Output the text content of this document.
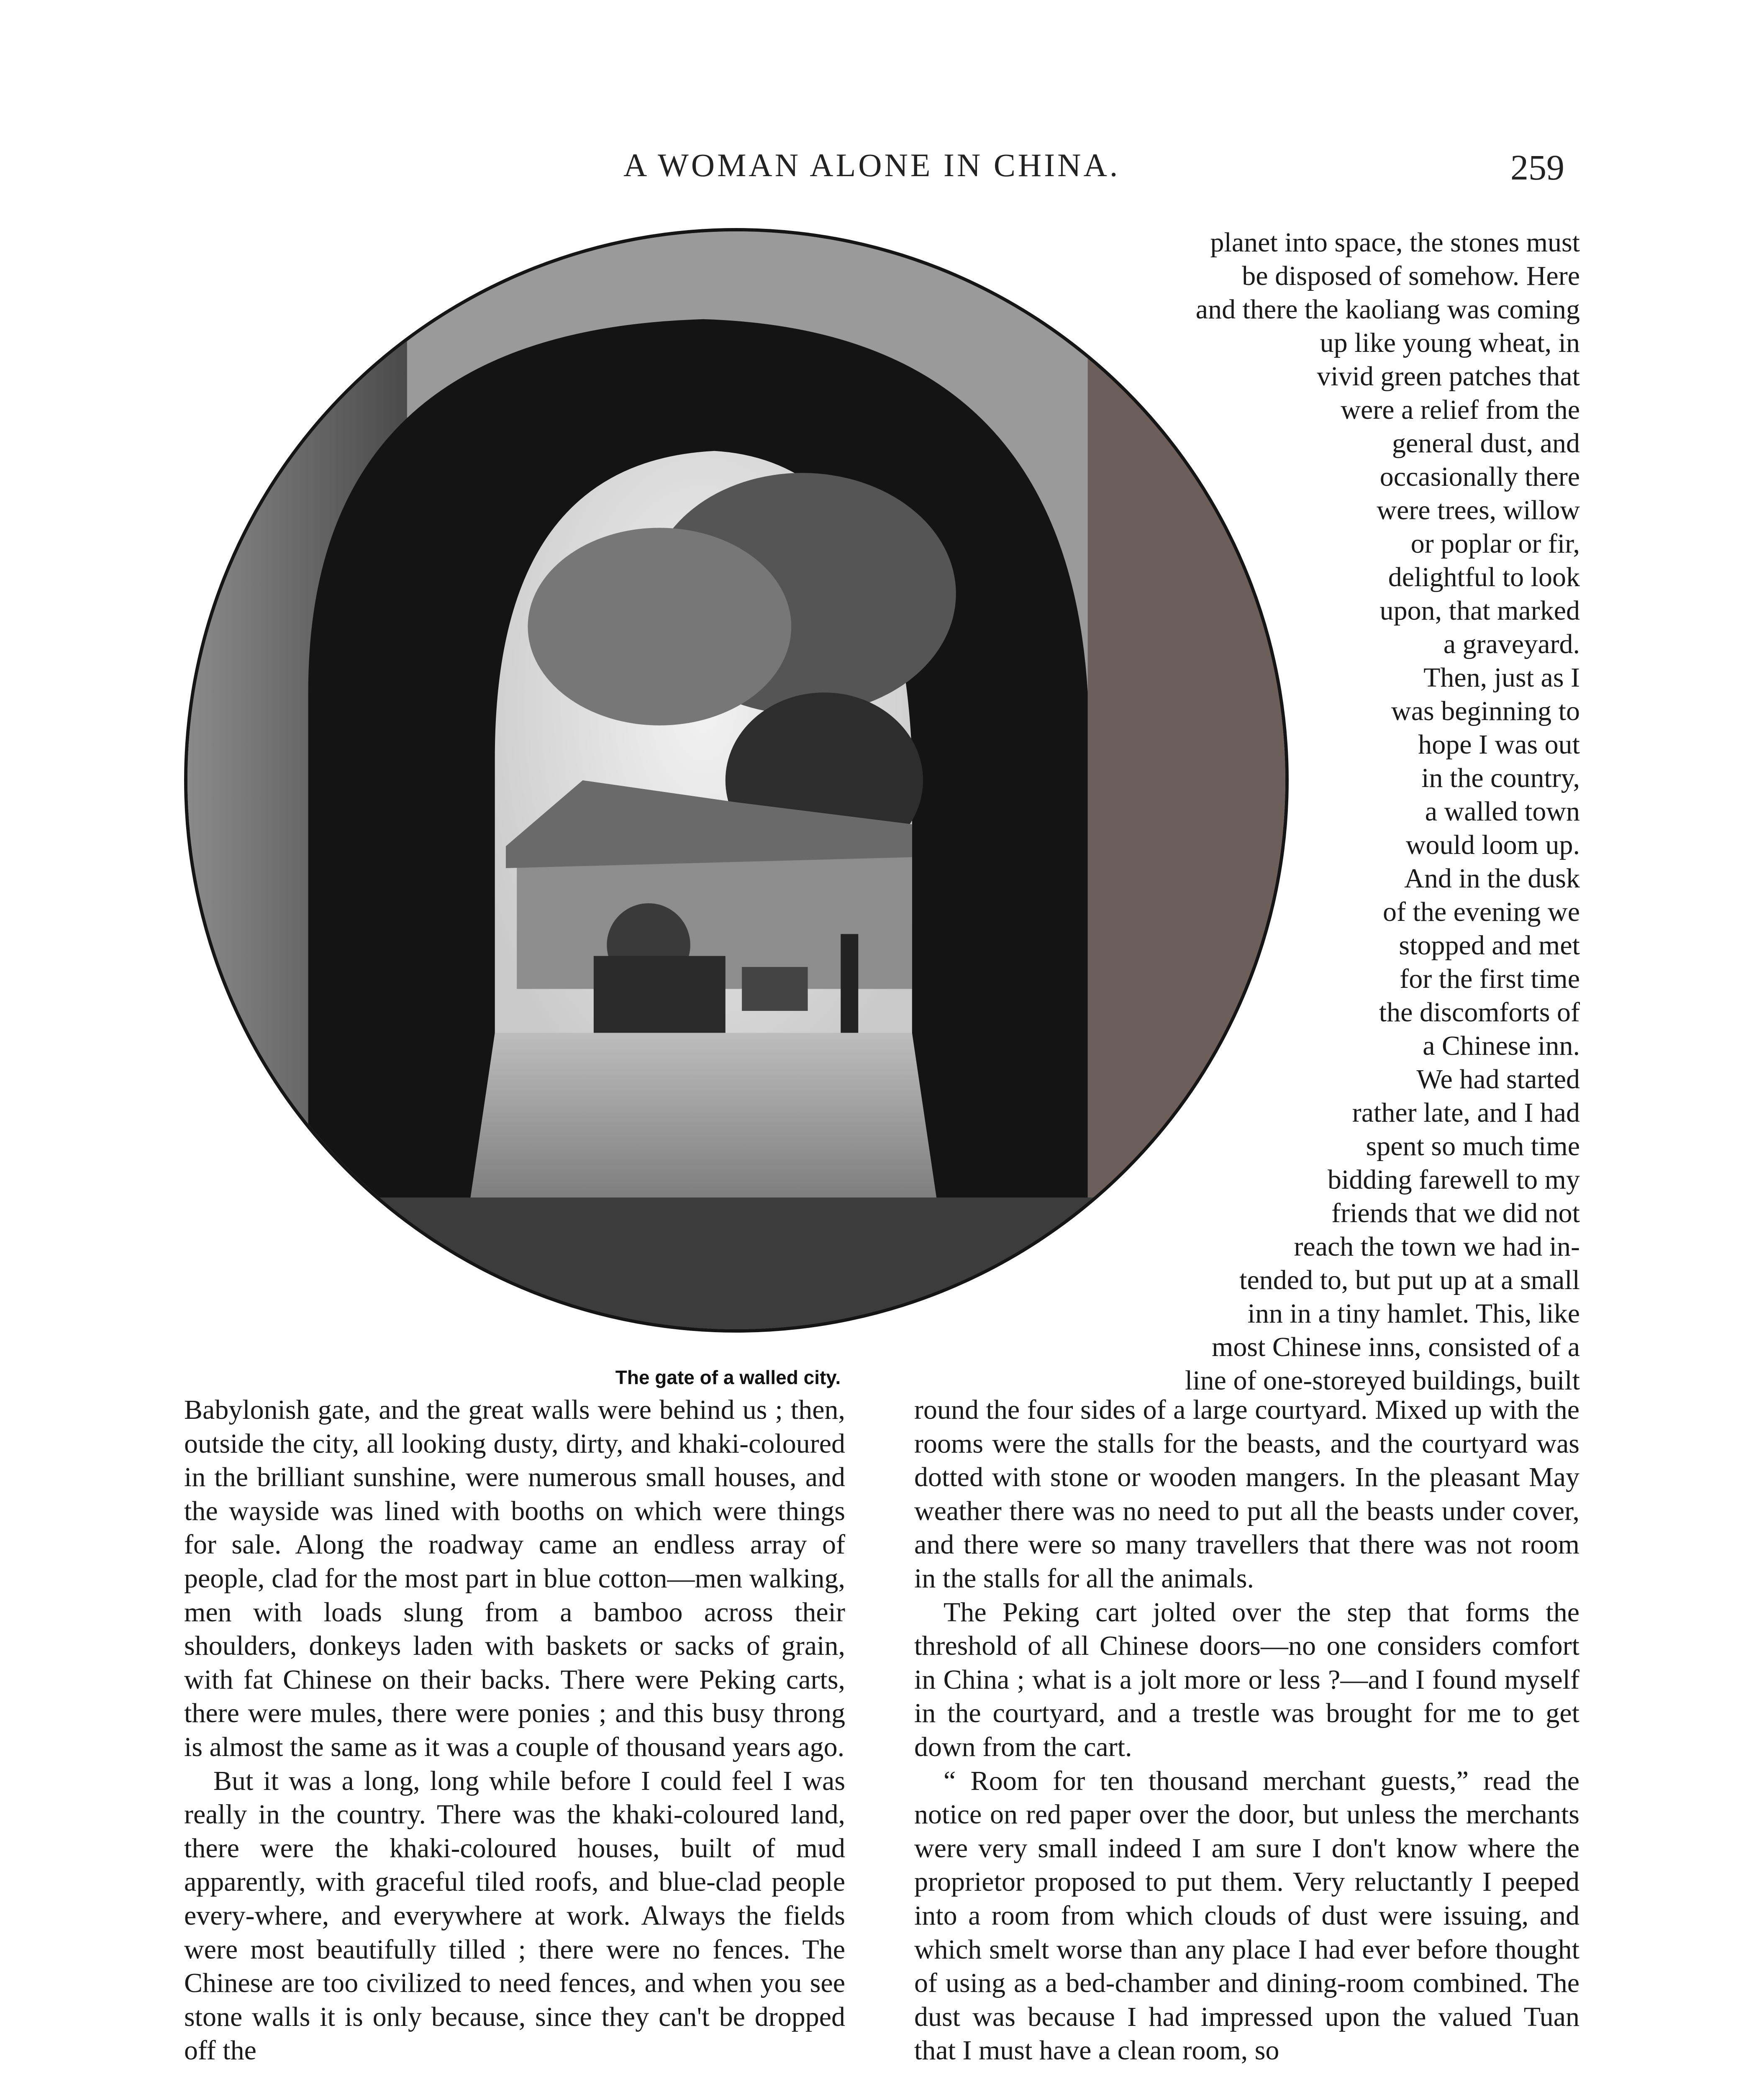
A WOMAN ALONE IN CHINA.	259
The gate of a walled city.
planet into space, the stones must
be disposed of somehow. Here
and there the kaoliang was coming
up like young wheat, in
vivid green patches that
were a relief from the
general dust, and
occasionally there
were trees, willow
or poplar or fir,
delightful to look
upon, that marked
a graveyard.
Then, just as I
was beginning to
hope I was out
in the country,
a walled town
would loom up.
And in the dusk
of the evening we
stopped and met
for the first time
the discomforts of
a Chinese inn.
We had started
rather late, and I had
spent so much time
bidding farewell to my
friends that we did not
reach the town we had in-
tended to, but put up at a small
inn in a tiny hamlet. This, like
most Chinese inns, consisted of a
line of one-storeyed buildings, built

Babylonish gate, and the great walls were behind us ; then, outside the city, all looking dusty, dirty, and khaki-coloured in the brilliant sunshine, were numerous small houses, and the wayside was lined with booths on which were things for sale. Along the roadway came an endless array of people, clad for the most part in blue cotton—men walking, men with loads slung from a bamboo across their shoulders, donkeys laden with baskets or sacks of grain, with fat Chinese on their backs. There were Peking carts, there were mules, there were ponies ; and this busy throng is almost the same as it was a couple of thousand years ago.

But it was a long, long while before I could feel I was really in the country. There was the khaki-coloured land, there were the khaki-coloured houses, built of mud apparently, with graceful tiled roofs, and blue-clad people every-where, and everywhere at work. Always the fields were most beautifully tilled ; there were no fences. The Chinese are too civilized to need fences, and when you see stone walls it is only because, since they can't be dropped off the

round the four sides of a large courtyard. Mixed up with the rooms were the stalls for the beasts, and the courtyard was dotted with stone or wooden mangers. In the pleasant May weather there was no need to put all the beasts under cover, and there were so many travellers that there was not room in the stalls for all the animals.

The Peking cart jolted over the step that forms the threshold of all Chinese doors—no one considers comfort in China ; what is a jolt more or less ?—and I found myself in the courtyard, and a trestle was brought for me to get down from the cart.

“ Room for ten thousand merchant guests,” read the notice on red paper over the door, but unless the merchants were very small indeed I am sure I don't know where the proprietor proposed to put them. Very reluctantly I peeped into a room from which clouds of dust were issuing, and which smelt worse than any place I had ever before thought of using as a bed-chamber and dining-room combined. The dust was because I had impressed upon the valued Tuan that I must have a clean room, so
